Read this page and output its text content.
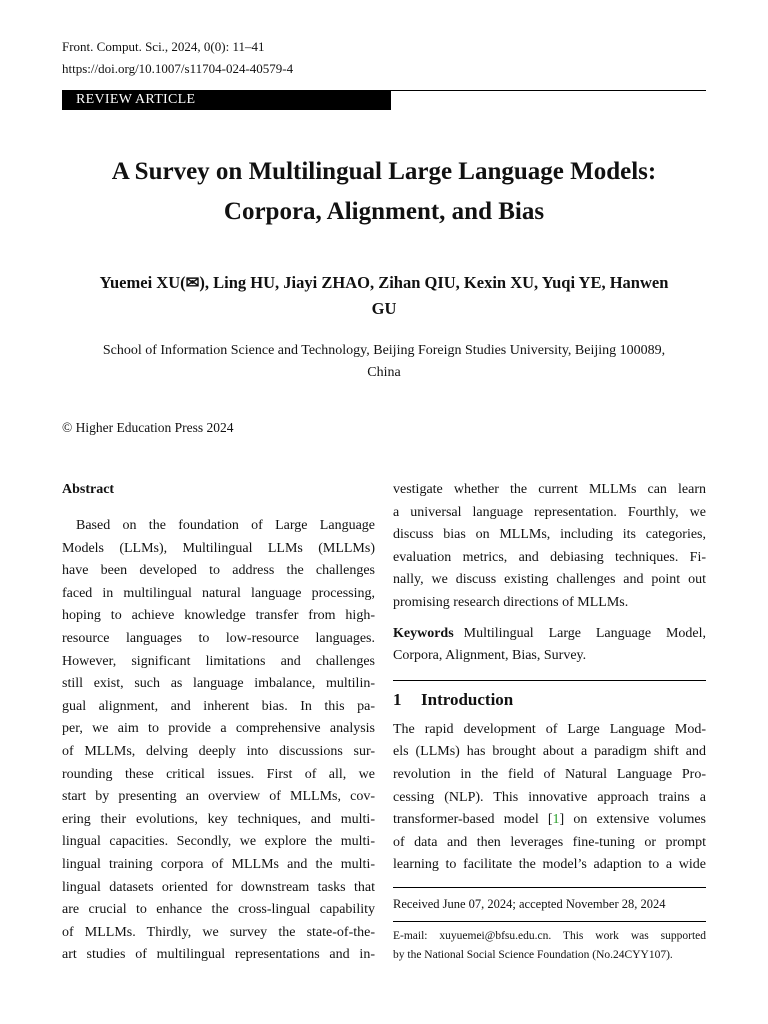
Front. Comput. Sci., 2024, 0(0): 11–41
https://doi.org/10.1007/s11704-024-40579-4
REVIEW ARTICLE
A Survey on Multilingual Large Language Models:
Corpora, Alignment, and Bias
Yuemei XU(✉), Ling HU, Jiayi ZHAO, Zihan QIU, Kexin XU, Yuqi YE, Hanwen
GU
School of Information Science and Technology, Beijing Foreign Studies University, Beijing 100089,
China
© Higher Education Press 2024
Abstract
Based on the foundation of Large Language
Models (LLMs), Multilingual LLMs (MLLMs)
have been developed to address the challenges
faced in multilingual natural language processing,
hoping to achieve knowledge transfer from high-
resource languages to low-resource languages.
However, significant limitations and challenges
still exist, such as language imbalance, multilin-
gual alignment, and inherent bias. In this pa-
per, we aim to provide a comprehensive analysis
of MLLMs, delving deeply into discussions sur-
rounding these critical issues. First of all, we
start by presenting an overview of MLLMs, cov-
ering their evolutions, key techniques, and multi-
lingual capacities. Secondly, we explore the multi-
lingual training corpora of MLLMs and the multi-
lingual datasets oriented for downstream tasks that
are crucial to enhance the cross-lingual capability
of MLLMs. Thirdly, we survey the state-of-the-
art studies of multilingual representations and in-
vestigate whether the current MLLMs can learn
a universal language representation. Fourthly, we
discuss bias on MLLMs, including its categories,
evaluation metrics, and debiasing techniques. Fi-
nally, we discuss existing challenges and point out
promising research directions of MLLMs.
Keywords Multilingual Large Language Model,
Corpora, Alignment, Bias, Survey.
1 Introduction
The rapid development of Large Language Mod-
els (LLMs) has brought about a paradigm shift and
revolution in the field of Natural Language Pro-
cessing (NLP). This innovative approach trains a
transformer-based model [1] on extensive volumes
of data and then leverages fine-tuning or prompt
learning to facilitate the model’s adaption to a wide
Received June 07, 2024; accepted November 28, 2024
E-mail: xuyuemei@bfsu.edu.cn. This work was supported
by the National Social Science Foundation (No.24CYY107).
